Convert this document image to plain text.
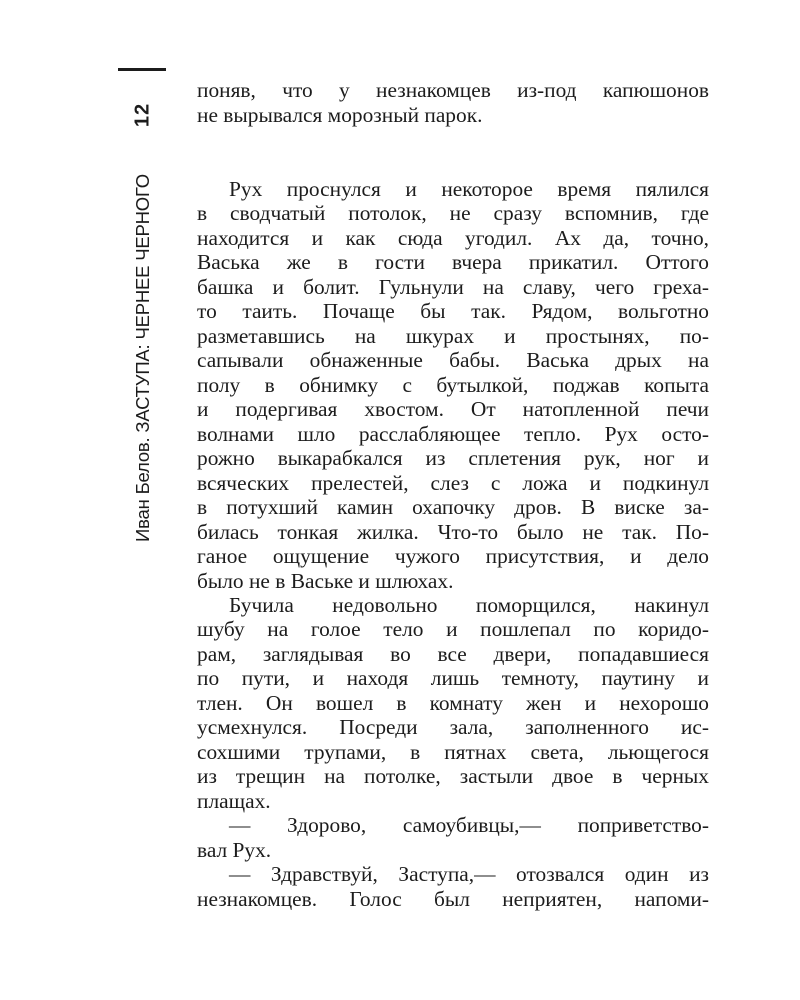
12
Иван Белов. ЗАСТУПА: ЧЕРНЕЕ ЧЕРНОГО
поняв, что у незнакомцев из-под капюшонов
не вырывался морозный парок.
Рух проснулся и некоторое время пялился
в сводчатый потолок, не сразу вспомнив, где
находится и как сюда угодил. Ах да, точно,
Васька же в гости вчера прикатил. Оттого
башка и болит. Гульнули на славу, чего греха-
то таить. Почаще бы так. Рядом, вольготно
разметавшись на шкурах и простынях, по-
сапывали обнаженные бабы. Васька дрых на
полу в обнимку с бутылкой, поджав копыта
и подергивая хвостом. От натопленной печи
волнами шло расслабляющее тепло. Рух осто-
рожно выкарабкался из сплетения рук, ног и
всяческих прелестей, слез с ложа и подкинул
в потухший камин охапочку дров. В виске за-
билась тонкая жилка. Что-то было не так. По-
ганое ощущение чужого присутствия, и дело
было не в Ваське и шлюхах.
Бучила недовольно поморщился, накинул
шубу на голое тело и пошлепал по коридо-
рам, заглядывая во все двери, попадавшиеся
по пути, и находя лишь темноту, паутину и
тлен. Он вошел в комнату жен и нехорошо
усмехнулся. Посреди зала, заполненного ис-
сохшими трупами, в пятнах света, льющегося
из трещин на потолке, застыли двое в черных
плащах.
— Здорово, самоубивцы,— поприветство-
вал Рух.
— Здравствуй, Заступа,— отозвался один из
незнакомцев. Голос был неприятен, напоми-
